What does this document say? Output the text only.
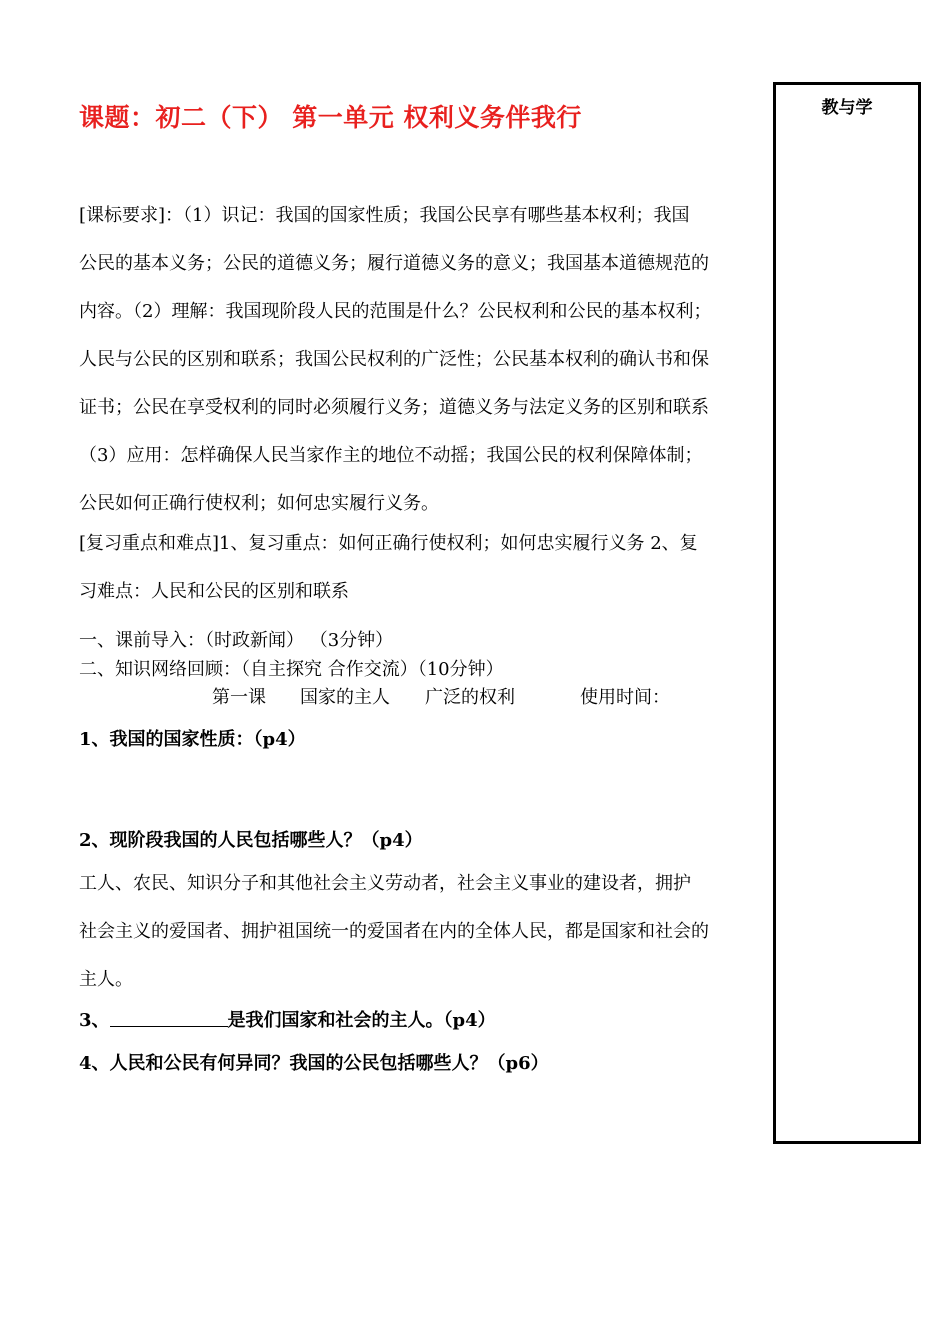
教与学
课题：初二（下） 第一单元 权利义务伴我行
[课标要求]：（1）识记：我国的国家性质；我国公民享有哪些基本权利；我国
公民的基本义务；公民的道德义务；履行道德义务的意义；我国基本道德规范的
内容。（2）理解：我国现阶段人民的范围是什么？公民权利和公民的基本权利；
人民与公民的区别和联系；我国公民权利的广泛性；公民基本权利的确认书和保
证书；公民在享受权利的同时必须履行义务；道德义务与法定义务的区别和联系
（3）应用：怎样确保人民当家作主的地位不动摇；我国公民的权利保障体制；
公民如何正确行使权利；如何忠实履行义务。
[复习重点和难点]1、复习重点：如何正确行使权利；如何忠实履行义务 2、复
习难点：人民和公民的区别和联系
一、课前导入：（时政新闻） （3分钟）
二、知识网络回顾：（自主探究 合作交流）（10分钟）
第一课 国家的主人 广泛的权利	使用时间：
1、我国的国家性质：（p4）
2、现阶段我国的人民包括哪些人？（p4）
工人、农民、知识分子和其他社会主义劳动者，社会主义事业的建设者，拥护
社会主义的爱国者、拥护祖国统一的爱国者在内的全体人民，都是国家和社会的
主人。
3、	是我们国家和社会的主人。（p4）
4、人民和公民有何异同？我国的公民包括哪些人？（p6）
